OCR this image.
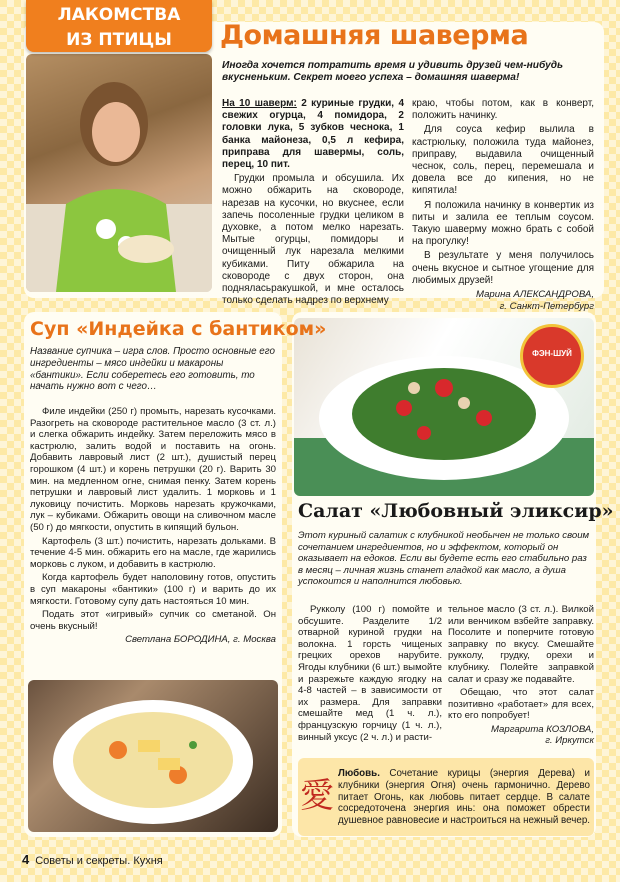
ФЭН-ШУЙ
ЛАКОМСТВА
ИЗ ПТИЦЫ	Домашняя шаверма
Иногда хочется потратить время и удивить друзей чем-нибудь вкусненьким. Секрет моего успеха – домашняя шаверма!

На 10 шаверм: 2 куриные грудки, 4 свежих огурца, 4 помидора, 2 головки лука, 5 зубков чеснока, 1 банка майонеза, 0,5 л кефира, приправа для шавермы, соль, перец, 10 пит.

Грудки промыла и обсушила. Их можно обжарить на сковороде, нарезав на кусочки, но вкуснее, если запечь посоленные грудки целиком в духовке, а потом мелко нарезать. Мытые огурцы, помидоры и очищенный лук нарезала мелкими кубиками. Питу обжарила на сковороде с двух сторон, она подняласьракушкой, и мне осталось только сделать надрез по верхнему

краю, чтобы потом, как в конверт, положить начинку.

Для соуса кефир вылила в кастрюльку, положила туда майонез, приправу, выдавила очищенный чеснок, соль, перец, перемешала и довела все до кипения, но не кипятила!

Я положила начинку в конвертик из питы и залила ее теплым соусом. Такую шаверму можно брать с собой на прогулку!

В результате у меня получилось очень вкусное и сытное угощение для любимых друзей!

Марина АЛЕКСАНДРОВА,
г. Санкт-Петербург
Суп «Индейка с бантиком»
Название супчика – игра слов. Просто основные его ингредиенты – мясо индейки и макароны «бантики». Если соберетесь его готовить, то начать нужно вот с чего…

Филе индейки (250 г) промыть, нарезать кусочками. Разогреть на сковороде растительное масло (3 ст. л.) и слегка обжарить индейку. Затем переложить мясо в кастрюлю, залить водой и поставить на огонь. Добавить лавровый лист (2 шт.), душистый перец горошком (4 шт.) и корень петрушки (20 г). Варить 30 мин. на медленном огне, снимая пенку. Затем корень петрушки и лавровый лист удалить. 1 морковь и 1 луковицу почистить. Морковь нарезать кружочками, лук – кубиками. Обжарить овощи на сливочном масле (50 г) до мягкости, опустить в кипящий бульон.

Картофель (3 шт.) почистить, нарезать дольками. В течение 4-5 мин. обжарить его на масле, где жарились морковь с луком, и добавить в кастрюлю.

Когда картофель будет наполовину готов, опустить в суп макароны «бантики» (100 г) и варить до их мягкости. Готовому супу дать настояться 10 мин.

Подать этот «игривый» супчик со сметаной. Он очень вкусный!

Светлана БОРОДИНА, г. Москва
Салат «Любовный эликсир»
Этот куриный салатик с клубникой необычен не только своим сочетанием ингредиентов, но и эффектом, который он оказывает на едоков. Если вы будете есть его стабильно раз в месяц – личная жизнь станет гладкой как масло, а душа успокоится и наполнится любовью.

Рукколу (100 г) помойте и обсушите. Разделите 1/2 отварной куриной грудки на волокна. 1 горсть чищеных грецких орехов нарубите. Ягоды клубники (6 шт.) вымойте и разрежьте каждую ягодку на 4-8 частей – в зависимости от их размера. Для заправки смешайте мед (1 ч. л.), французскую горчицу (1 ч. л.), винный уксус (2 ч. л.) и расти-

тельное масло (3 ст. л.). Вилкой или венчиком взбейте заправку. Посолите и поперчите готовую заправку по вкусу. Смешайте рукколу, грудку, орехи и клубнику. Полейте заправкой салат и сразу же подавайте.

Обещаю, что этот салат позитивно «работает» для всех, кто его попробует!

Маргарита КОЗЛОВА,
г. Иркутск
愛
Любовь. Сочетание курицы (энергия Дерева) и клубники (энергия Огня) очень гармонично. Дерево питает Огонь, как любовь питает сердце. В салате сосредоточена энергия инь: она поможет обрести душевное равновесие и настроиться на нежный вечер.
4 Советы и секреты. Кухня
